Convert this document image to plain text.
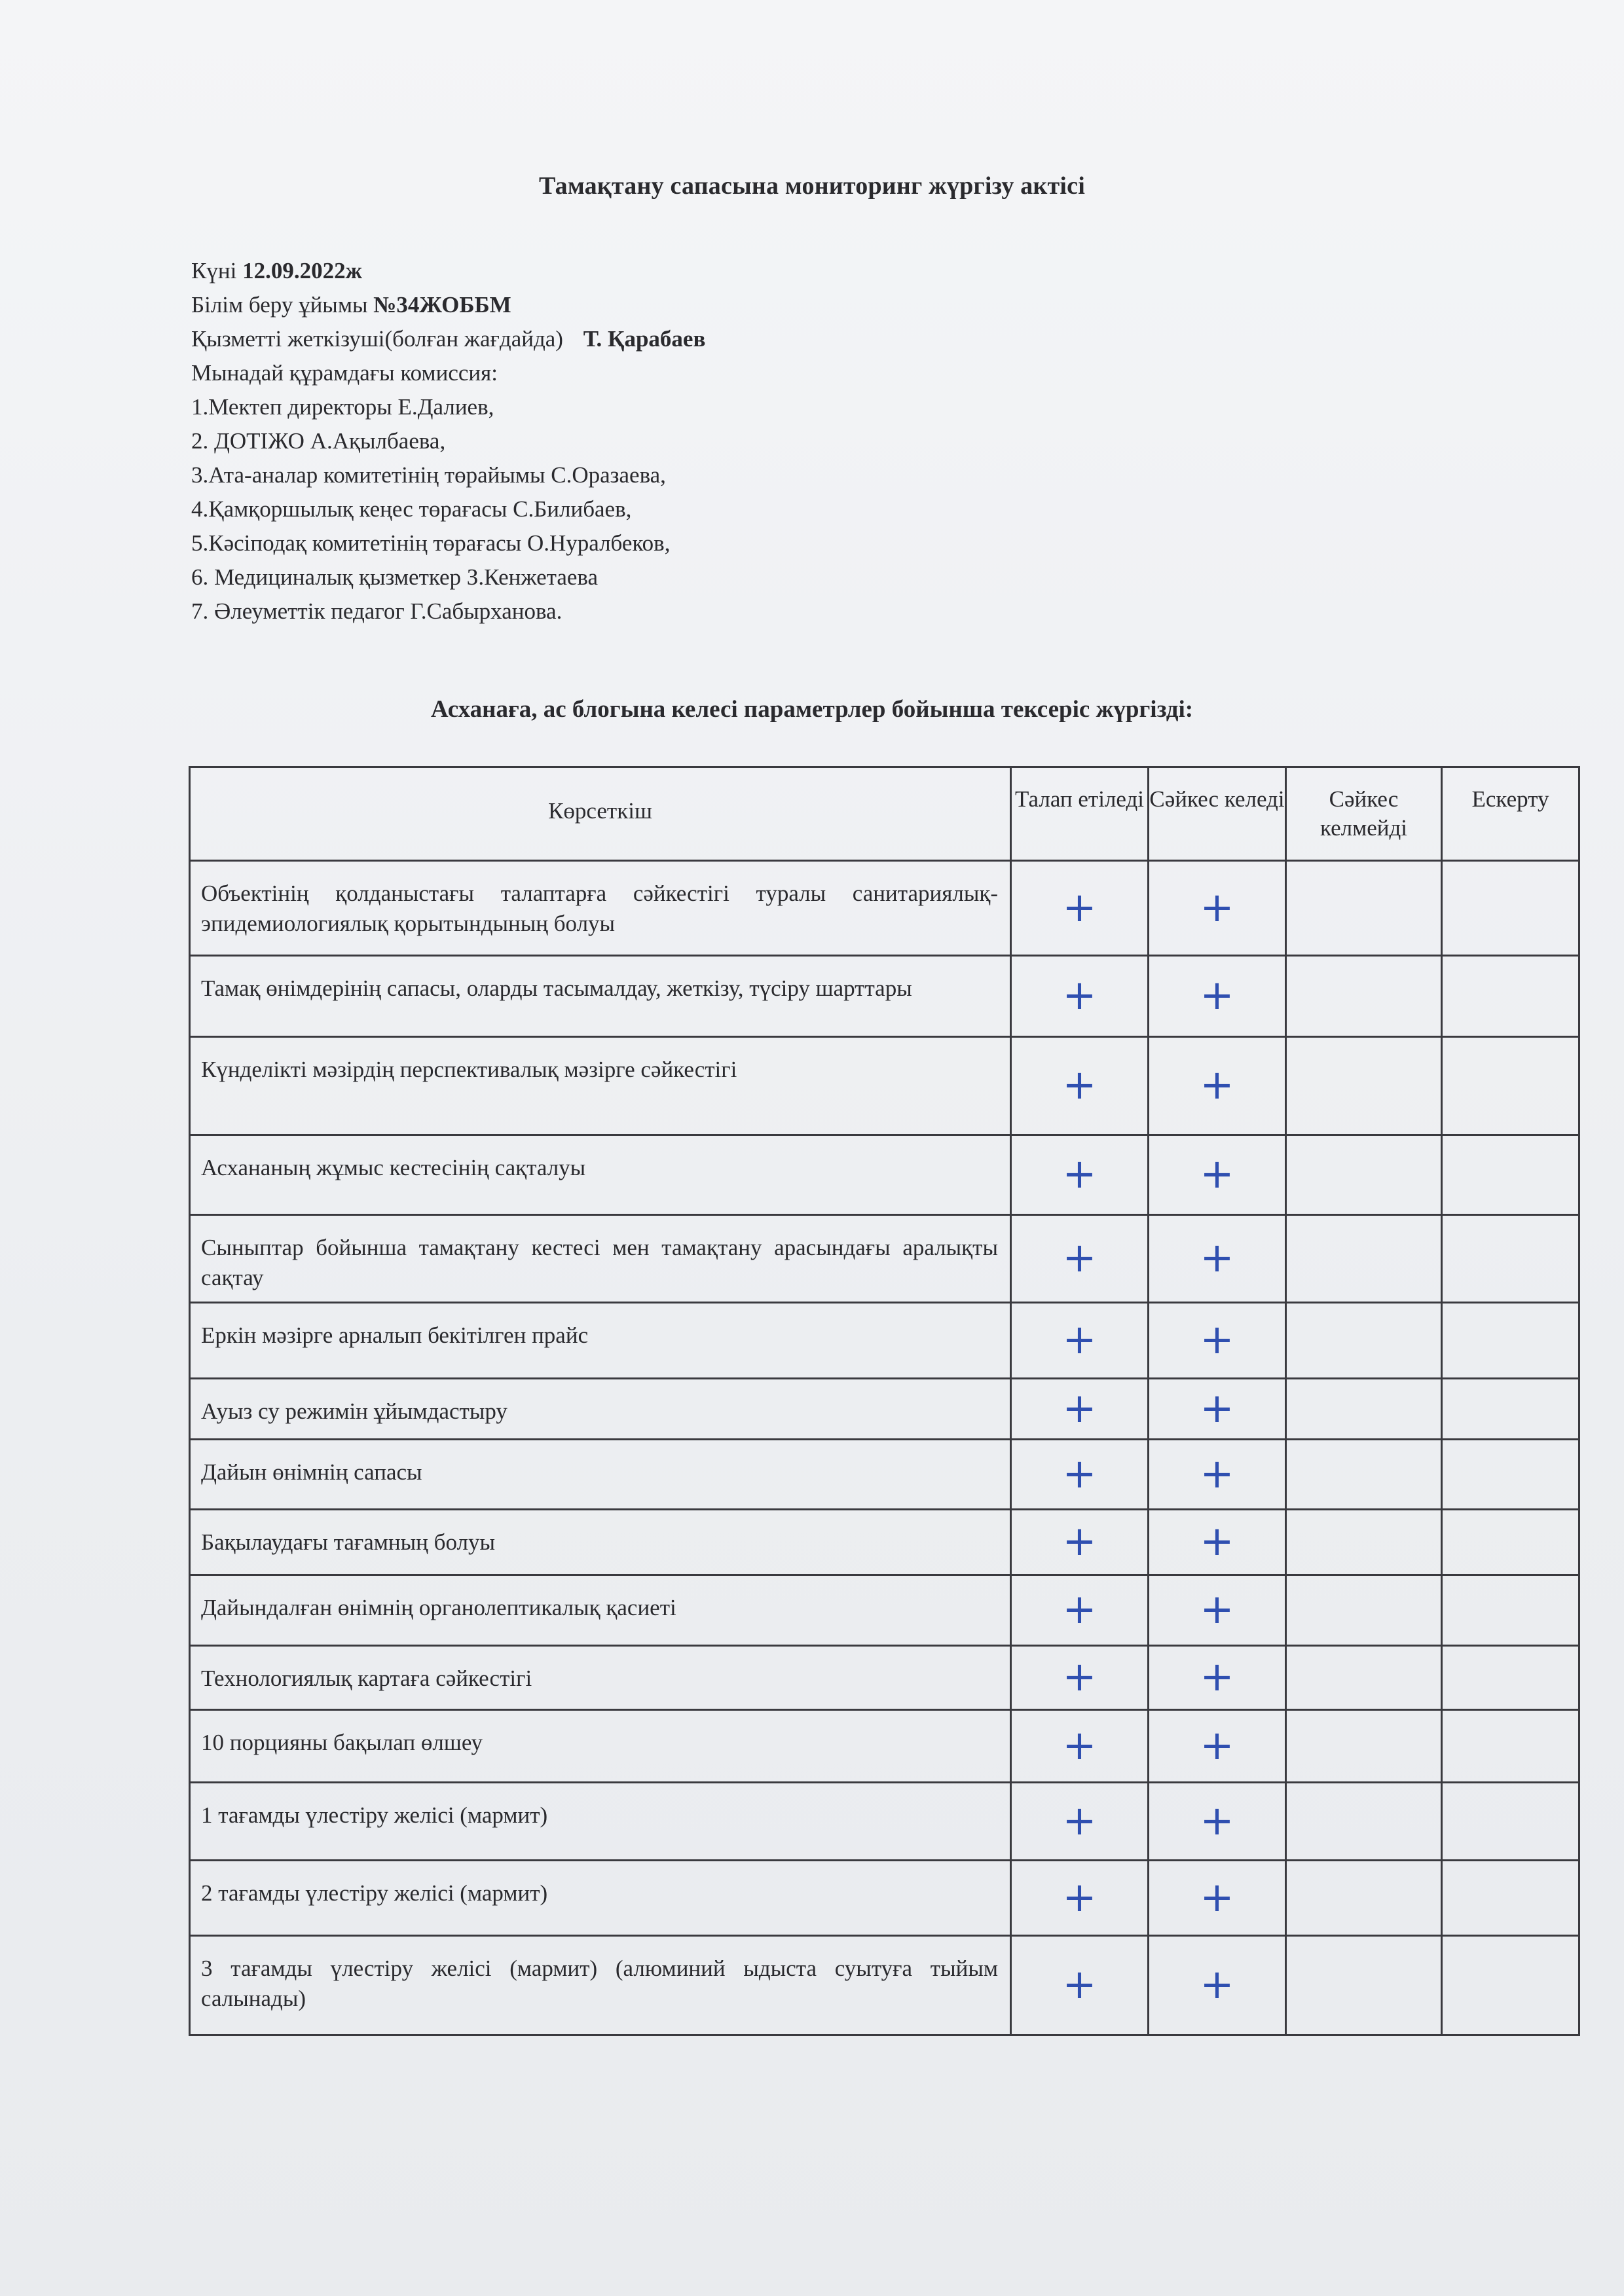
Тамақтану сапасына мониторинг жүргізу актісі
Күні 12.09.2022ж
Білім беру ұйымы №34ЖОББМ
Қызметті жеткізуші(болған жағдайда) Т. Қарабаев
Мынадай құрамдағы комиссия:
1.Мектеп директоры Е.Далиев,
2. ДОТІЖО А.Ақылбаева,
3.Ата-аналар комитетінің төрайымы С.Оразаева,
4.Қамқоршылық кеңес төрағасы С.Билибаев,
5.Кәсіподақ комитетінің төрағасы О.Нуралбеков,
6. Медициналық қызметкер З.Кенжетаева
7. Әлеуметтік педагог Г.Сабырханова.
Асханаға, ас блогына келесі параметрлер бойынша тексеріс жүргізді:
Көрсеткіш	Талап етіледі	Сәйкес келеді	Сәйкес келмейді	Ескерту
Объектінің қолданыстағы талаптарға сәйкестігі туралы санитариялық-эпидемиологиялық қорытындының болуы	+	+		

Тамақ өнімдерінің сапасы, оларды тасымалдау, жеткізу, түсіру шарттары	+	+		

Күнделікті мәзірдің перспективалық мәзірге сәйкестігі	+	+		

Асхананың жұмыс кестесінің сақталуы	+	+		

Сыныптар бойынша тамақтану кестесі мен тамақтану арасындағы аралықты сақтау	+	+		

Еркін мәзірге арналып бекітілген прайс	+	+		

Ауыз су режимін ұйымдастыру	+	+		

Дайын өнімнің сапасы	+	+		

Бақылаудағы тағамның болуы	+	+		

Дайындалған өнімнің органолептикалық қасиеті	+	+		

Технологиялық картаға сәйкестігі	+	+		

10 порцияны бақылап өлшеу	+	+		

1 тағамды үлестіру желісі (мармит)	+	+		

2 тағамды үлестіру желісі (мармит)	+	+		

3 тағамды үлестіру желісі (мармит) (алюминий ыдыста суытуға тыйым салынады)	+	+		
